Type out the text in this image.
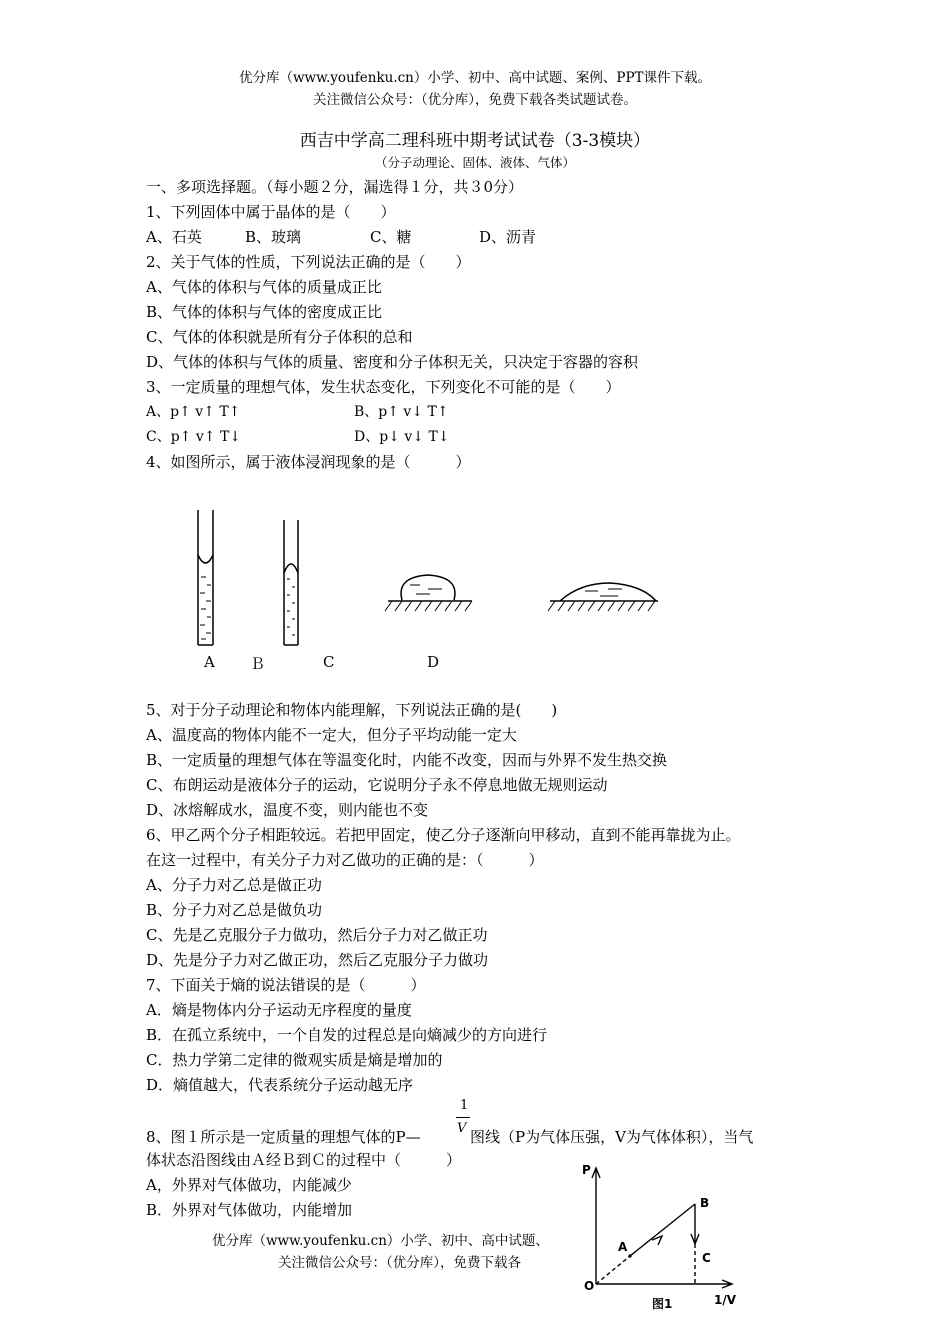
优分库（www.youfenku.cn）小学、初中、高中试题、案例、PPT课件下载。
关注微信公众号：（优分库），免费下载各类试题试卷。
西吉中学高二理科班中期考试试卷（3-3模块）
（分子动理论、固体、液体、气体）
一、多项选择题。（每小题２分，漏选得１分，共３0分）
1、下列固体中属于晶体的是（　　）
A、石英	B、玻璃	C、糖	D、沥青
2、关于气体的性质，下列说法正确的是（　　）
A、气体的体积与气体的质量成正比
B、气体的体积与气体的密度成正比
C、气体的体积就是所有分子体积的总和
D、气体的体积与气体的质量、密度和分子体积无关，只决定于容器的容积
3、一定质量的理想气体，发生状态变化，下列变化不可能的是（　　）
A、p↑ v↑ T↑	B、p↑ v↓ T↑
C、p↑ v↑ T↓	D、p↓ v↓ T↓
4、如图所示，属于液体浸润现象的是（　　　）
A Ｂ	C	D
5、对于分子动理论和物体内能理解，下列说法正确的是(　　)
A、温度高的物体内能不一定大，但分子平均动能一定大
B、一定质量的理想气体在等温变化时，内能不改变，因而与外界不发生热交换
C、布朗运动是液体分子的运动，它说明分子永不停息地做无规则运动
D、冰熔解成水，温度不变，则内能也不变
6、甲乙两个分子相距较远。若把甲固定，使乙分子逐渐向甲移动，直到不能再靠拢为止。
在这一过程中，有关分子力对乙做功的正确的是：（　　　）
A、分子力对乙总是做正功
B、分子力对乙总是做负功
C、先是乙克服分子力做功，然后分子力对乙做正功
D、先是分子力对乙做正功，然后乙克服分子力做功
7、下面关于熵的说法错误的是（　　　）
A．熵是物体内分子运动无序程度的量度
B．在孤立系统中，一个自发的过程总是向熵减少的方向进行
C．热力学第二定律的微观实质是熵是增加的
D．熵值越大，代表系统分子运动越无序
8、图１所示是一定质量的理想气体的P—
1
V 图线（P为气体压强，V为气体体积），当气
体状态沿图线由Ａ经Ｂ到Ｃ的过程中（　　　）
A，外界对气体做功，内能减少
B．外界对气体做功，内能增加
优分库（www.youfenku.cn）小学、初中、高中试题、
关注微信公众号：（优分库），免费下载各
P
O
A
B
C
图1	1/V
